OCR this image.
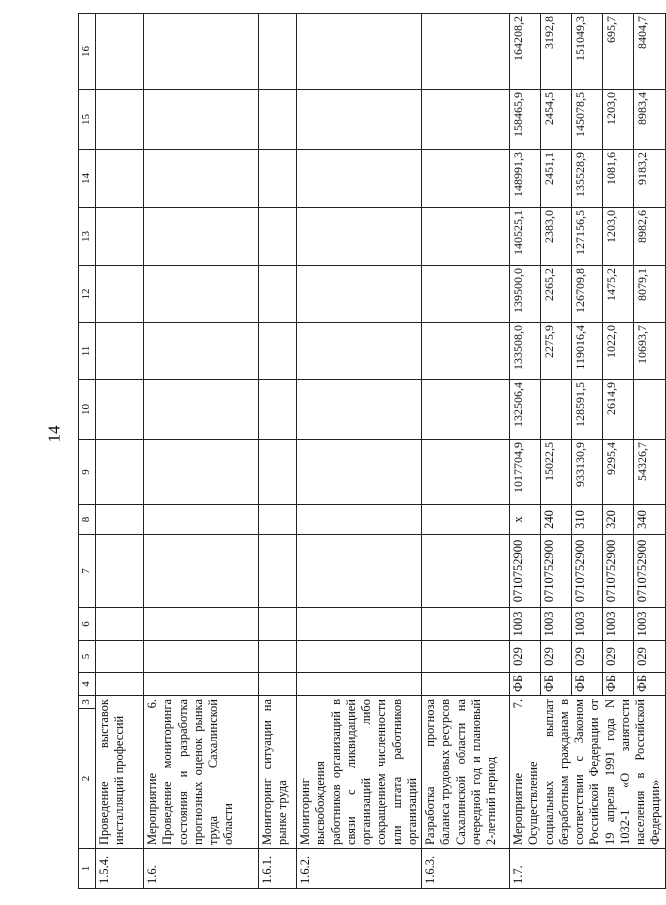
14
1	2	3	4	5	6	7	8	9	10	11	12	13	14	15	16
1.5.4.	Проведение выставок инсталляций профессий														
1.6.	Мероприятие 6. Проведение мониторинга состояния и разработка прогнозных оценок рынка труда Сахалинской области														
1.6.1.	Мониторинг ситуации на рынке труда														
1.6.2.	Мониторинг высвобождения работников организаций в связи с ликвидацией организаций либо сокращением численности или штата работников организаций														
1.6.3.	Разработка прогноза баланса трудовых ресурсов Сахалинской области на очередной год и плановый 2-летний период														
1.7.	Мероприятие 7. Осуществление социальных выплат безработным гражданам в соответствии с Законом Российской Федерации от 19 апреля 1991 года N 1032-1 «О занятости населения в Российской Федерации»		ФБ	029	1003	0710752900	x	1017704,9	132506,4	133508,0	139500,0	140525,1	148991,3	158465,9	164208,2
			ФБ	029	1003	0710752900	240	15022,5		2275,9	2265,2	2383,0	2451,1	2454,5	3192,8
			ФБ	029	1003	0710752900	310	933130,9	128591,5	119016,4	126709,8	127156,5	135528,9	145078,5	151049,3
			ФБ	029	1003	0710752900	320	9295,4	2614,9	1022,0	1475,2	1203,0	1081,6	1203,0	695,7
			ФБ	029	1003	0710752900	340	54326,7		10693,7	8079,1	8982,6	9183,2	8983,4	8404,7
